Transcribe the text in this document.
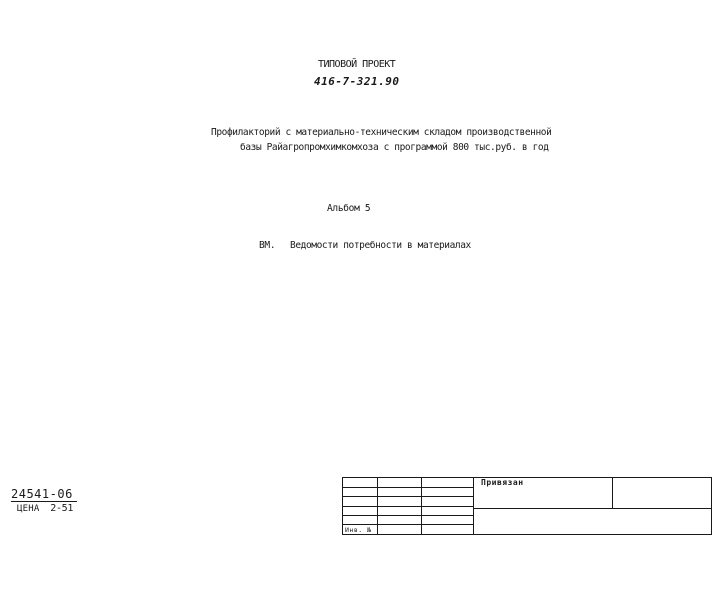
ТИПОВОЙ ПРОЕКТ
416-7-321.90
Профилакторий с материально-техническим складом производственной
базы Райагропромхимкомхоза с программой 800 тыс.руб. в год
Альбом 5
ВМ. Ведомости потребности в материалах
24541-06
ЦЕНА 2-51
Привязан
Инв. №
